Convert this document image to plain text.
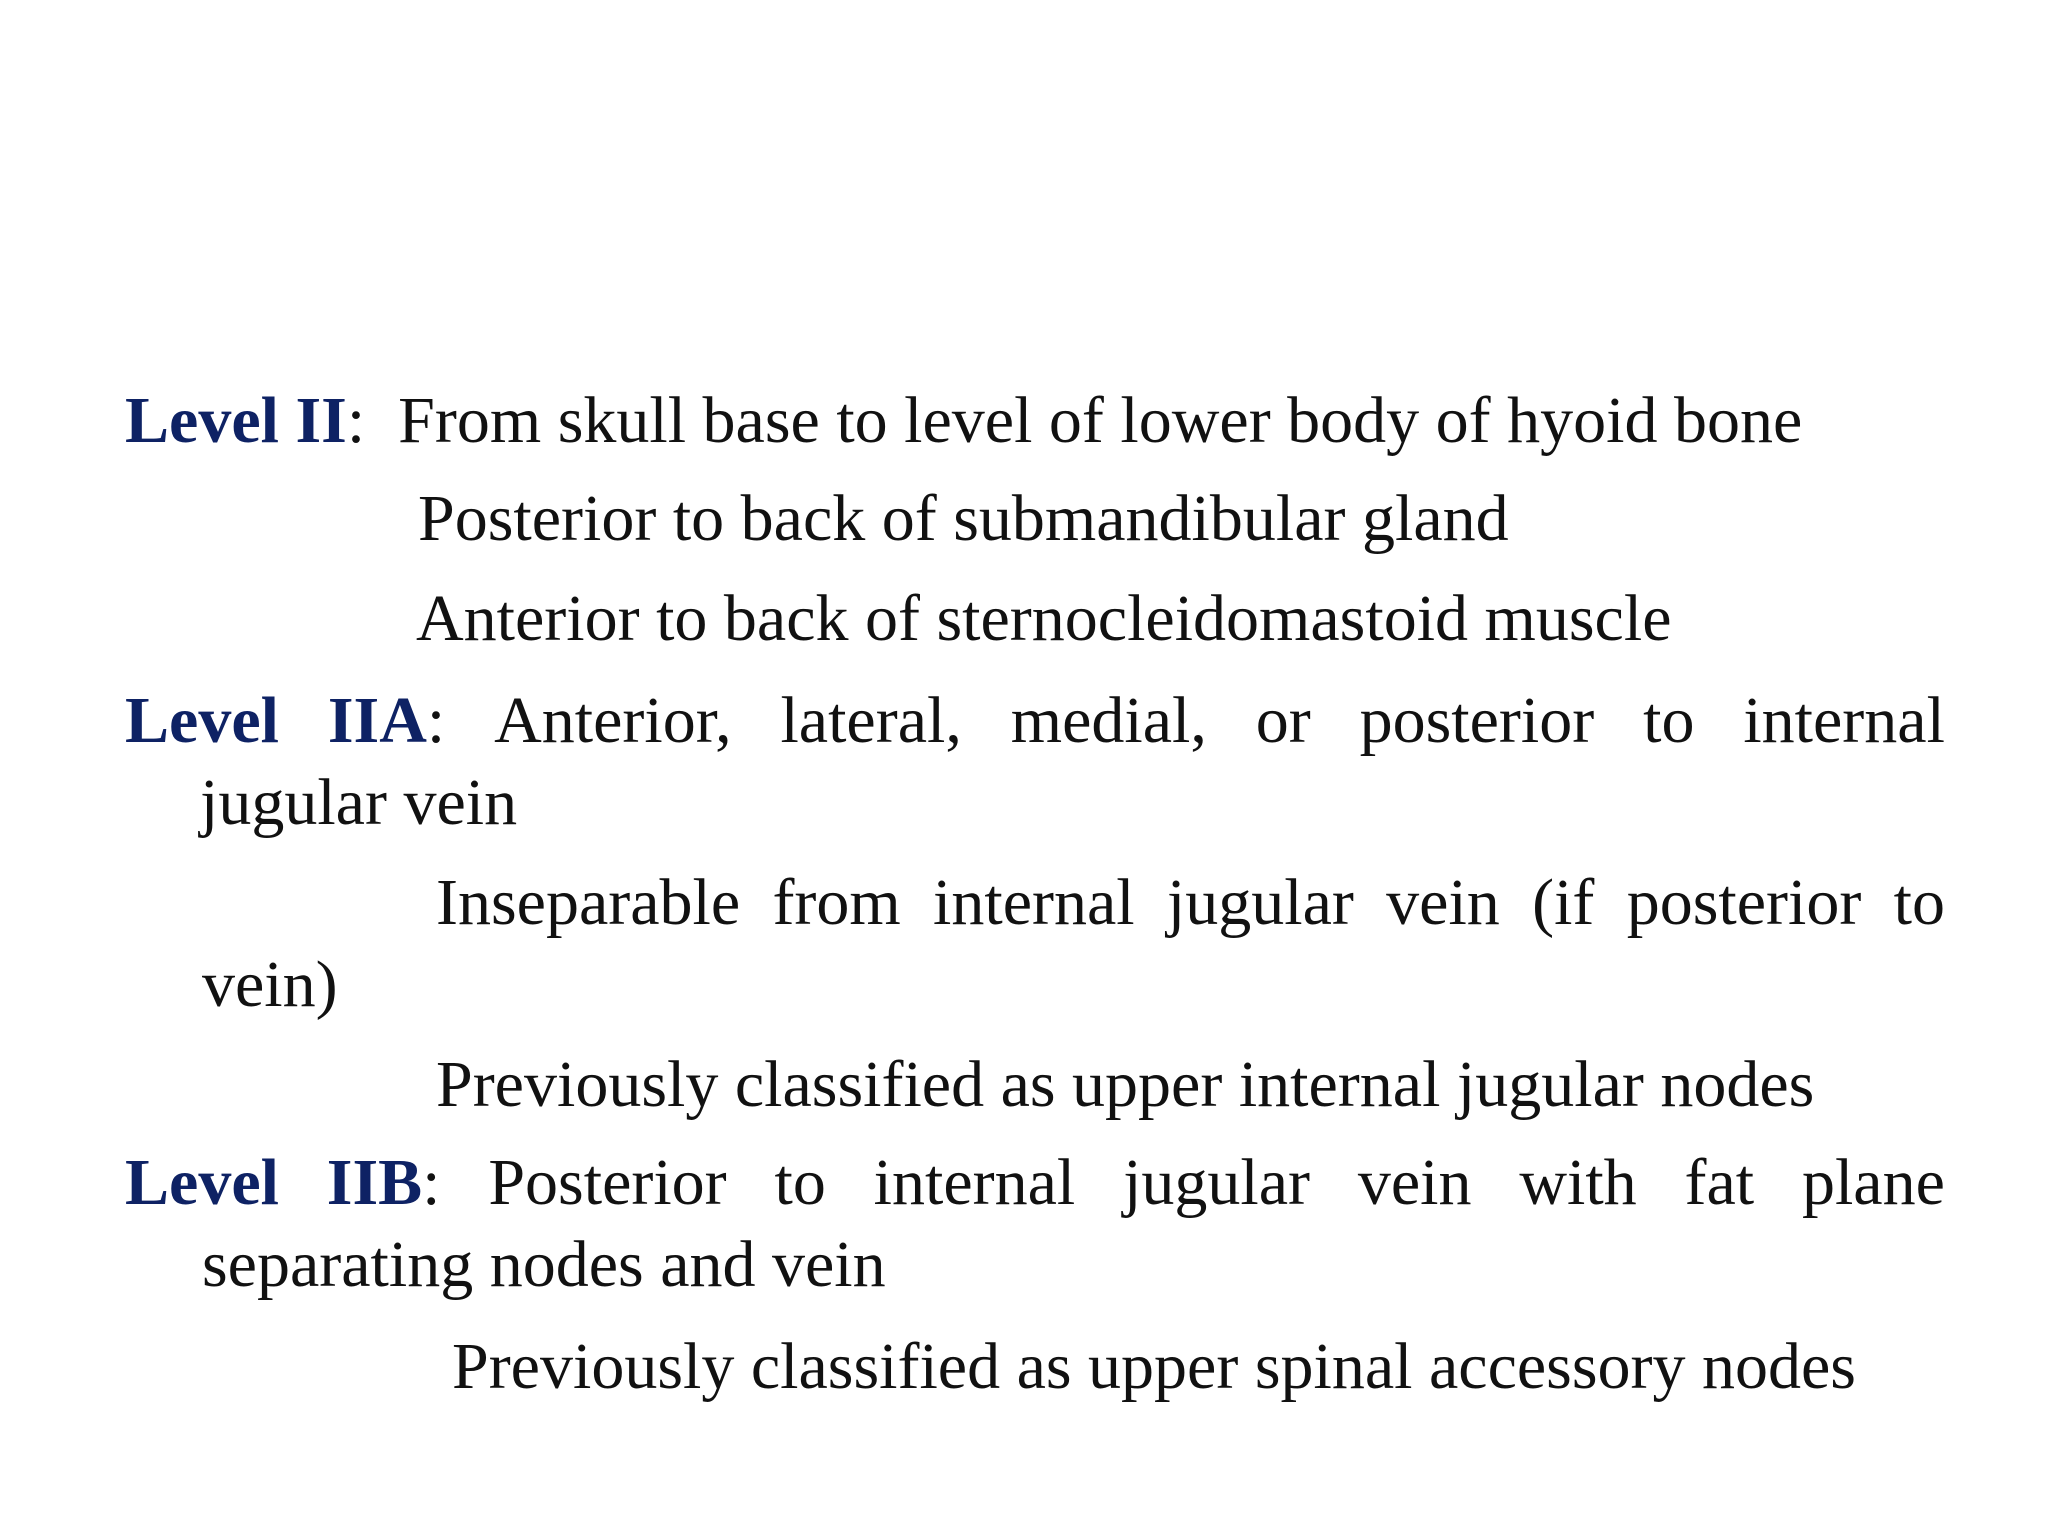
Level II: From skull base to level of lower body of hyoid bone
Posterior to back of submandibular gland
Anterior to back of sternocleidomastoid muscle
Level IIA: Anterior, lateral, medial, or posterior to internal
jugular vein
Inseparable from internal jugular vein (if posterior to
vein)
Previously classified as upper internal jugular nodes
Level IIB: Posterior to internal jugular vein with fat plane
separating nodes and vein
Previously classified as upper spinal accessory nodes
